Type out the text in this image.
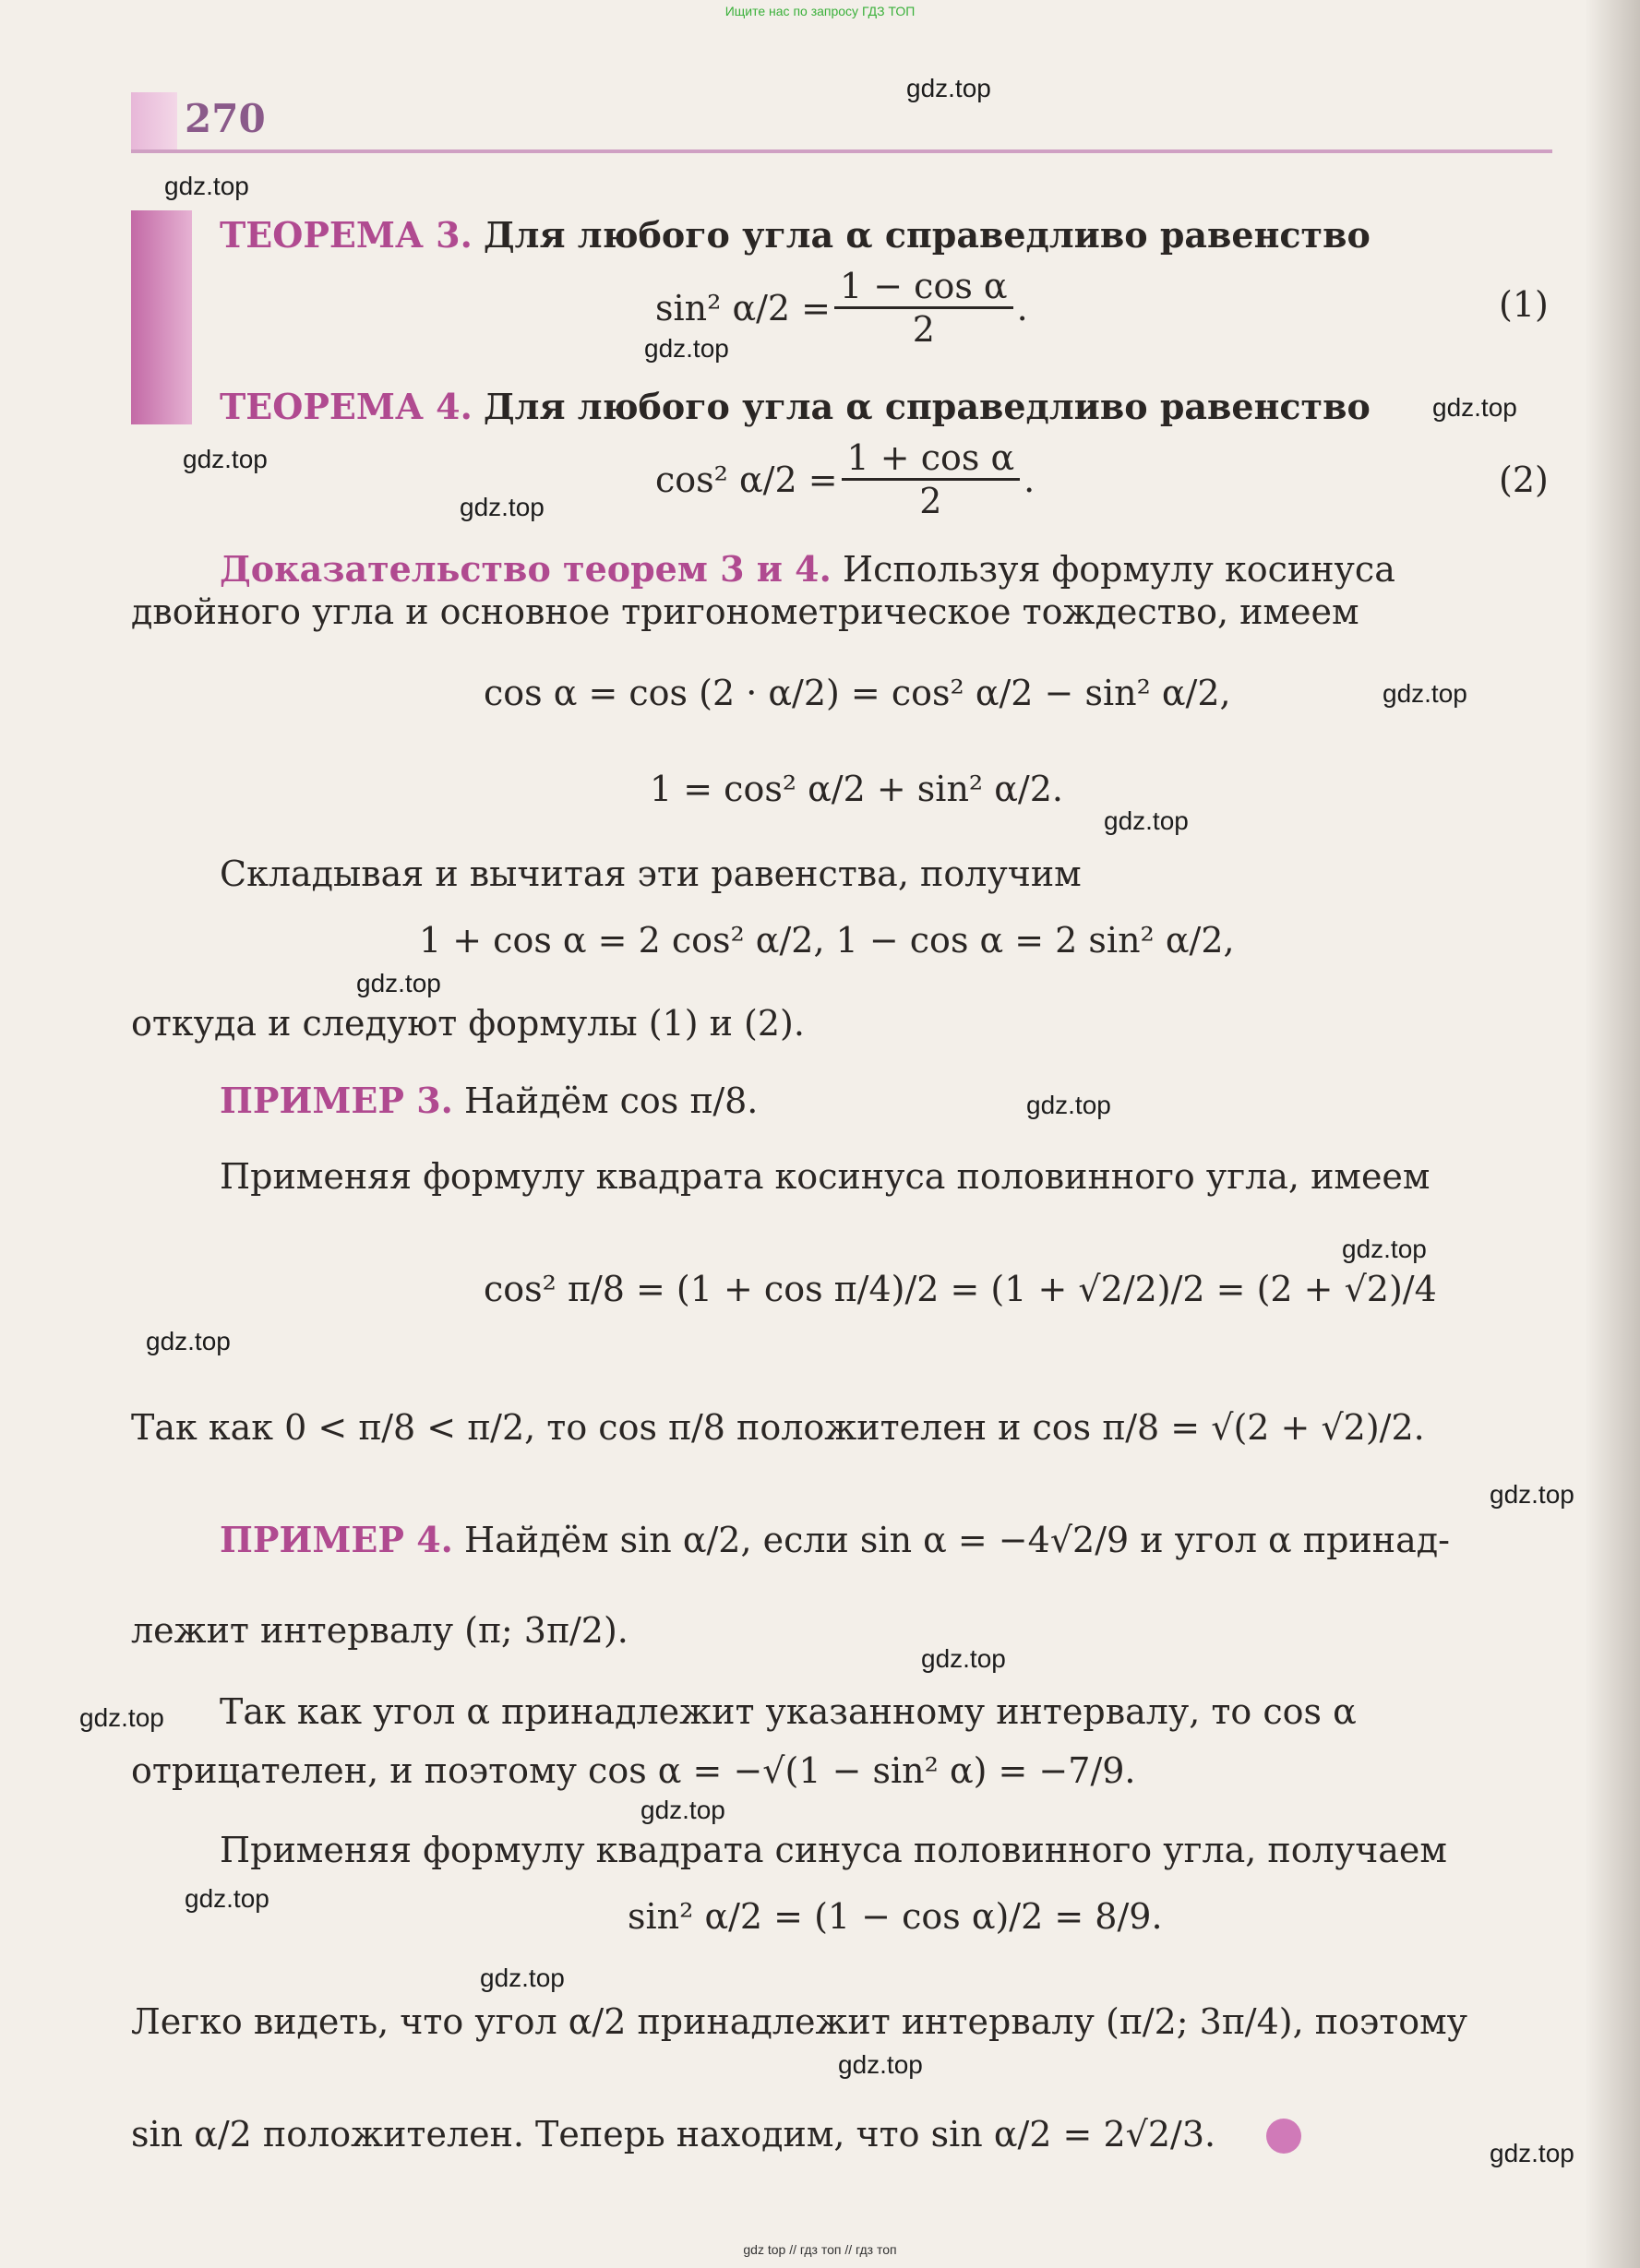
Ищите нас по запросу ГДЗ ТОП
270
gdz.top
gdz.top
gdz.top
gdz.top
gdz.top
gdz.top
gdz.top
gdz.top
gdz.top
gdz.top
gdz.top
gdz.top
gdz.top
gdz.top
gdz.top
gdz.top
gdz.top
gdz.top
gdz.top
gdz.top
ТЕОРЕМА 3. Для любого угла α справедливо равенство
sin² $\alpha/2 = \frac{\text{1 − cos α}}{2}$ .	(1)
ТЕОРЕМА 4. Для любого угла α справедливо равенство
cos² $\alpha/2 = \frac{\text{1 + cos α}}{2}$ .	(2)
Доказательство теорем 3 и 4. Используя формулу косинуса
двойного угла и основное тригонометрическое тождество, имеем
cos α = cos (2 · α/2) = cos² α/2 − sin² α/2,
1 = cos² α/2 + sin² α/2.
Складывая и вычитая эти равенства, получим
1 + cos α = 2 cos² α/2, 1 − cos α = 2 sin² α/2,
откуда и следуют формулы (1) и (2).
ПРИМЕР 3. Найдём cos π/8.
Применяя формулу квадрата косинуса половинного угла, имеем
cos² π/8 = (1 + cos π/4)/2 = (1 + √2/2)/2 = (2 + √2)/4
Так как 0 < π/8 < π/2, то cos π/8 положителен и cos π/8 = √(2 + √2)/2.
ПРИМЕР 4. Найдём sin α/2, если sin α = −4√2/9 и угол α принад-
лежит интервалу (π; 3π/2).
Так как угол α принадлежит указанному интервалу, то cos α
отрицателен, и поэтому cos α = −√(1 − sin² α) = −7/9.
Применяя формулу квадрата синуса половинного угла, получаем
sin² α/2 = (1 − cos α)/2 = 8/9.
Легко видеть, что угол α/2 принадлежит интервалу (π/2; 3π/4), поэтому
sin α/2 положителен. Теперь находим, что sin α/2 = 2√2/3.
gdz top // гдз топ // гдз топ
